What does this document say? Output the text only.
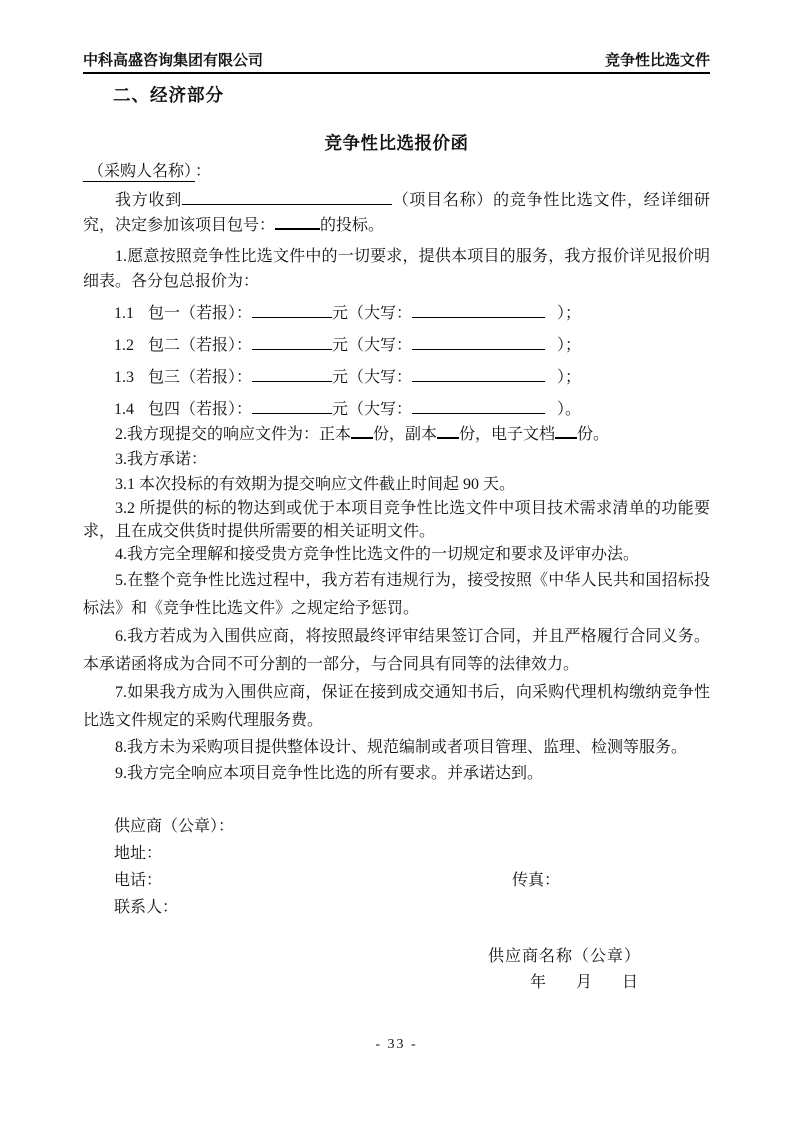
中科高盛咨询集团有限公司	竞争性比选文件
二、经济部分
竞争性比选报价函

（采购人名称） ：

我方收到	（项目名称）的竞争性比选文件，经详细研究，决定参加该项目包号：	的投标。

1.愿意按照竞争性比选文件中的一切要求，提供本项目的服务，我方报价详见报价明细表。各分包总报价为：

1.1 包一（若报）：	元（大写：	）；
1.2 包二（若报）：	元（大写：	）；
1.3 包三（若报）：	元（大写：	）；
1.4 包四（若报）：	元（大写：	）。

2.我方现提交的响应文件为：正本 份，副本 份，电子文档 份。

3.我方承诺：

3.1 本次投标的有效期为提交响应文件截止时间起 90 天。

3.2 所提供的标的物达到或优于本项目竞争性比选文件中项目技术需求清单的功能要求，且在成交供货时提供所需要的相关证明文件。

4.我方完全理解和接受贵方竞争性比选文件的一切规定和要求及评审办法。

5.在整个竞争性比选过程中，我方若有违规行为，接受按照《中华人民共和国招标投标法》和《竞争性比选文件》之规定给予惩罚。

6.我方若成为入围供应商，将按照最终评审结果签订合同，并且严格履行合同义务。本承诺函将成为合同不可分割的一部分，与合同具有同等的法律效力。

7.如果我方成为入围供应商，保证在接到成交通知书后，向采购代理机构缴纳竞争性比选文件规定的采购代理服务费。

8.我方未为采购项目提供整体设计、规范编制或者项目管理、监理、检测等服务。

9.我方完全响应本项目竞争性比选的所有要求。并承诺达到。

供应商（公章）：

地址：

电话：	传真：

联系人：

供应商名称（公章）

年 月 日

- 33 -
